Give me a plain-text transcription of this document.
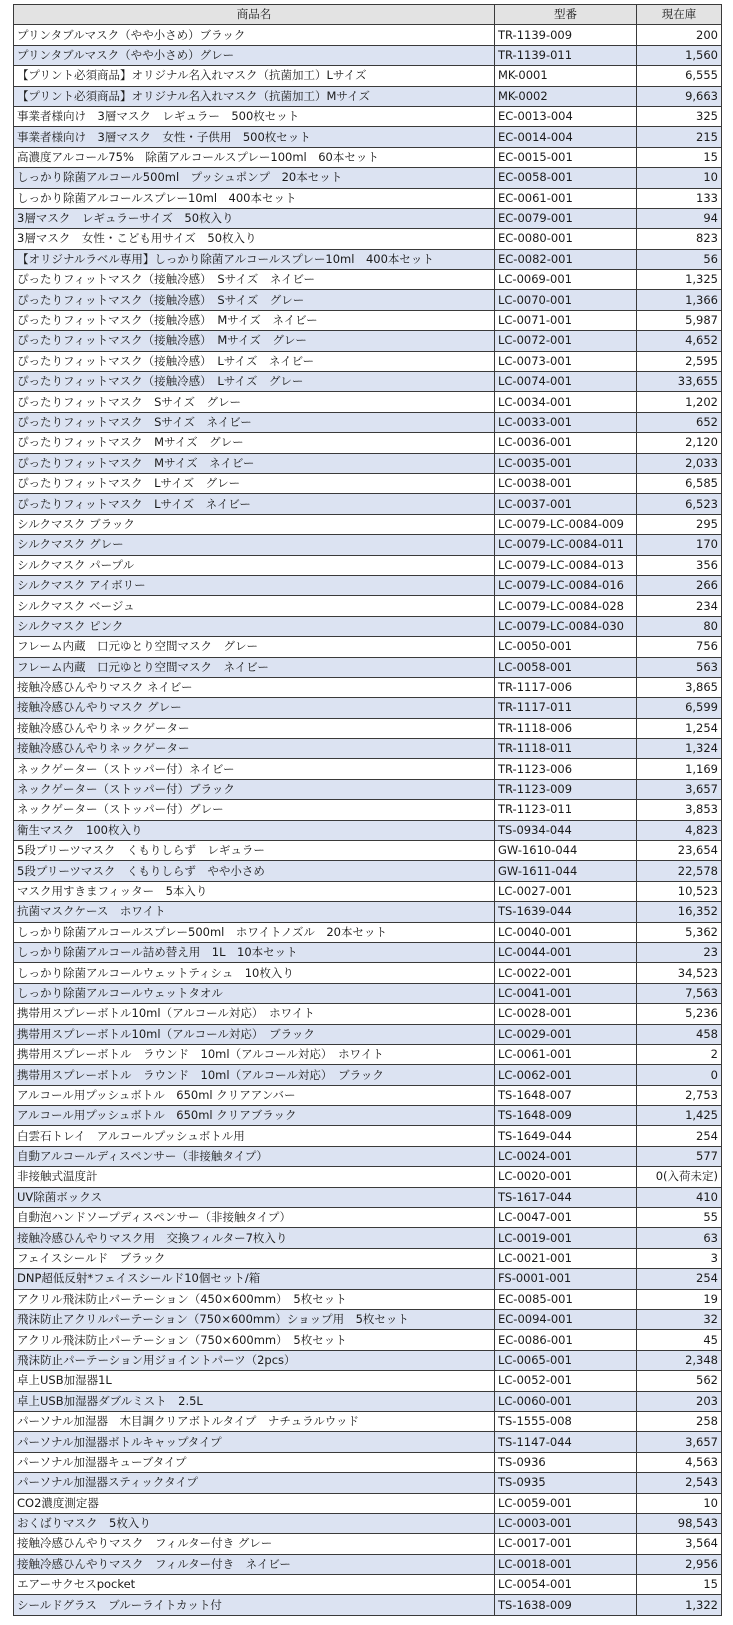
商品名	型番	現在庫
プリンタブルマスク（やや小さめ）ブラック	TR-1139-009	200
プリンタブルマスク（やや小さめ）グレー	TR-1139-011	1,560
【プリント必須商品】オリジナル名入れマスク（抗菌加工）Lサイズ	MK-0001	6,555
【プリント必須商品】オリジナル名入れマスク（抗菌加工）Mサイズ	MK-0002	9,663
事業者様向け　3層マスク　レギュラー　500枚セット	EC-0013-004	325
事業者様向け　3層マスク　女性・子供用　500枚セット	EC-0014-004	215
高濃度アルコール75%　除菌アルコールスプレー100ml　60本セット	EC-0015-001	15
しっかり除菌アルコール500ml　プッシュポンプ　20本セット	EC-0058-001	10
しっかり除菌アルコールスプレー10ml　400本セット	EC-0061-001	133
3層マスク　レギュラーサイズ　50枚入り	EC-0079-001	94
3層マスク　女性・こども用サイズ　50枚入り	EC-0080-001	823
【オリジナルラベル専用】しっかり除菌アルコールスプレー10ml　400本セット	EC-0082-001	56
ぴったりフィットマスク（接触冷感）　Sサイズ　ネイビー	LC-0069-001	1,325
ぴったりフィットマスク（接触冷感）　Sサイズ　グレー	LC-0070-001	1,366
ぴったりフィットマスク（接触冷感）　Mサイズ　ネイビー	LC-0071-001	5,987
ぴったりフィットマスク（接触冷感）　Mサイズ　グレー	LC-0072-001	4,652
ぴったりフィットマスク（接触冷感）　Lサイズ　ネイビー	LC-0073-001	2,595
ぴったりフィットマスク（接触冷感）　Lサイズ　グレー	LC-0074-001	33,655
ぴったりフィットマスク　Sサイズ　グレー	LC-0034-001	1,202
ぴったりフィットマスク　Sサイズ　ネイビー	LC-0033-001	652
ぴったりフィットマスク　Mサイズ　グレー	LC-0036-001	2,120
ぴったりフィットマスク　Mサイズ　ネイビー	LC-0035-001	2,033
ぴったりフィットマスク　Lサイズ　グレー	LC-0038-001	6,585
ぴったりフィットマスク　Lサイズ　ネイビー	LC-0037-001	6,523
シルクマスク ブラック	LC-0079-LC-0084-009	295
シルクマスク グレー	LC-0079-LC-0084-011	170
シルクマスク パープル	LC-0079-LC-0084-013	356
シルクマスク アイボリー	LC-0079-LC-0084-016	266
シルクマスク ベージュ	LC-0079-LC-0084-028	234
シルクマスク ピンク	LC-0079-LC-0084-030	80
フレーム内蔵　口元ゆとり空間マスク　グレー	LC-0050-001	756
フレーム内蔵　口元ゆとり空間マスク　ネイビー	LC-0058-001	563
接触冷感ひんやりマスク ネイビー	TR-1117-006	3,865
接触冷感ひんやりマスク グレー	TR-1117-011	6,599
接触冷感ひんやりネックゲーター	TR-1118-006	1,254
接触冷感ひんやりネックゲーター	TR-1118-011	1,324
ネックゲーター（ストッパー付）ネイビー	TR-1123-006	1,169
ネックゲーター（ストッパー付）ブラック	TR-1123-009	3,657
ネックゲーター（ストッパー付）グレー	TR-1123-011	3,853
衛生マスク　100枚入り	TS-0934-044	4,823
5段プリーツマスク　くもりしらず　レギュラー	GW-1610-044	23,654
5段プリーツマスク　くもりしらず　やや小さめ	GW-1611-044	22,578
マスク用すきまフィッター　5本入り	LC-0027-001	10,523
抗菌マスクケース　ホワイト	TS-1639-044	16,352
しっかり除菌アルコールスプレー500ml　ホワイトノズル　20本セット	LC-0040-001	5,362
しっかり除菌アルコール詰め替え用　1L　10本セット	LC-0044-001	23
しっかり除菌アルコールウェットティシュ　10枚入り	LC-0022-001	34,523
しっかり除菌アルコールウェットタオル	LC-0041-001	7,563
携帯用スプレーボトル10ml（アルコール対応）　ホワイト	LC-0028-001	5,236
携帯用スプレーボトル10ml（アルコール対応）　ブラック	LC-0029-001	458
携帯用スプレーボトル　ラウンド　10ml（アルコール対応）　ホワイト	LC-0061-001	2
携帯用スプレーボトル　ラウンド　10ml（アルコール対応）　ブラック	LC-0062-001	0
アルコール用プッシュボトル　650ml クリアアンバー	TS-1648-007	2,753
アルコール用プッシュボトル　650ml クリアブラック	TS-1648-009	1,425
白雲石トレイ　アルコールプッシュボトル用	TS-1649-044	254
自動アルコールディスペンサー（非接触タイプ）	LC-0024-001	577
非接触式温度計	LC-0020-001	0(入荷未定)
UV除菌ボックス	TS-1617-044	410
自動泡ハンドソープディスペンサー（非接触タイプ）	LC-0047-001	55
接触冷感ひんやりマスク用　交換フィルター7枚入り	LC-0019-001	63
フェイスシールド　ブラック	LC-0021-001	3
DNP超低反射*フェイスシールド10個セット/箱	FS-0001-001	254
アクリル飛沫防止パーテーション（450×600mm）　5枚セット	EC-0085-001	19
飛沫防止アクリルパーテーション（750×600mm）ショップ用　5枚セット	EC-0094-001	32
アクリル飛沫防止パーテーション（750×600mm）　5枚セット	EC-0086-001	45
飛沫防止パーテーション用ジョイントパーツ（2pcs）	LC-0065-001	2,348
卓上USB加湿器1L	LC-0052-001	562
卓上USB加湿器ダブルミスト　2.5L	LC-0060-001	203
パーソナル加湿器　木目調クリアボトルタイプ　ナチュラルウッド	TS-1555-008	258
パーソナル加湿器ボトルキャップタイプ	TS-1147-044	3,657
パーソナル加湿器キューブタイプ	TS-0936	4,563
パーソナル加湿器スティックタイプ	TS-0935	2,543
CO2濃度測定器	LC-0059-001	10
おくばりマスク　5枚入り	LC-0003-001	98,543
接触冷感ひんやりマスク　フィルター付き グレー	LC-0017-001	3,564
接触冷感ひんやりマスク　フィルター付き　ネイビー	LC-0018-001	2,956
エアーサクセスpocket	LC-0054-001	15
シールドグラス　ブルーライトカット付	TS-1638-009	1,322
